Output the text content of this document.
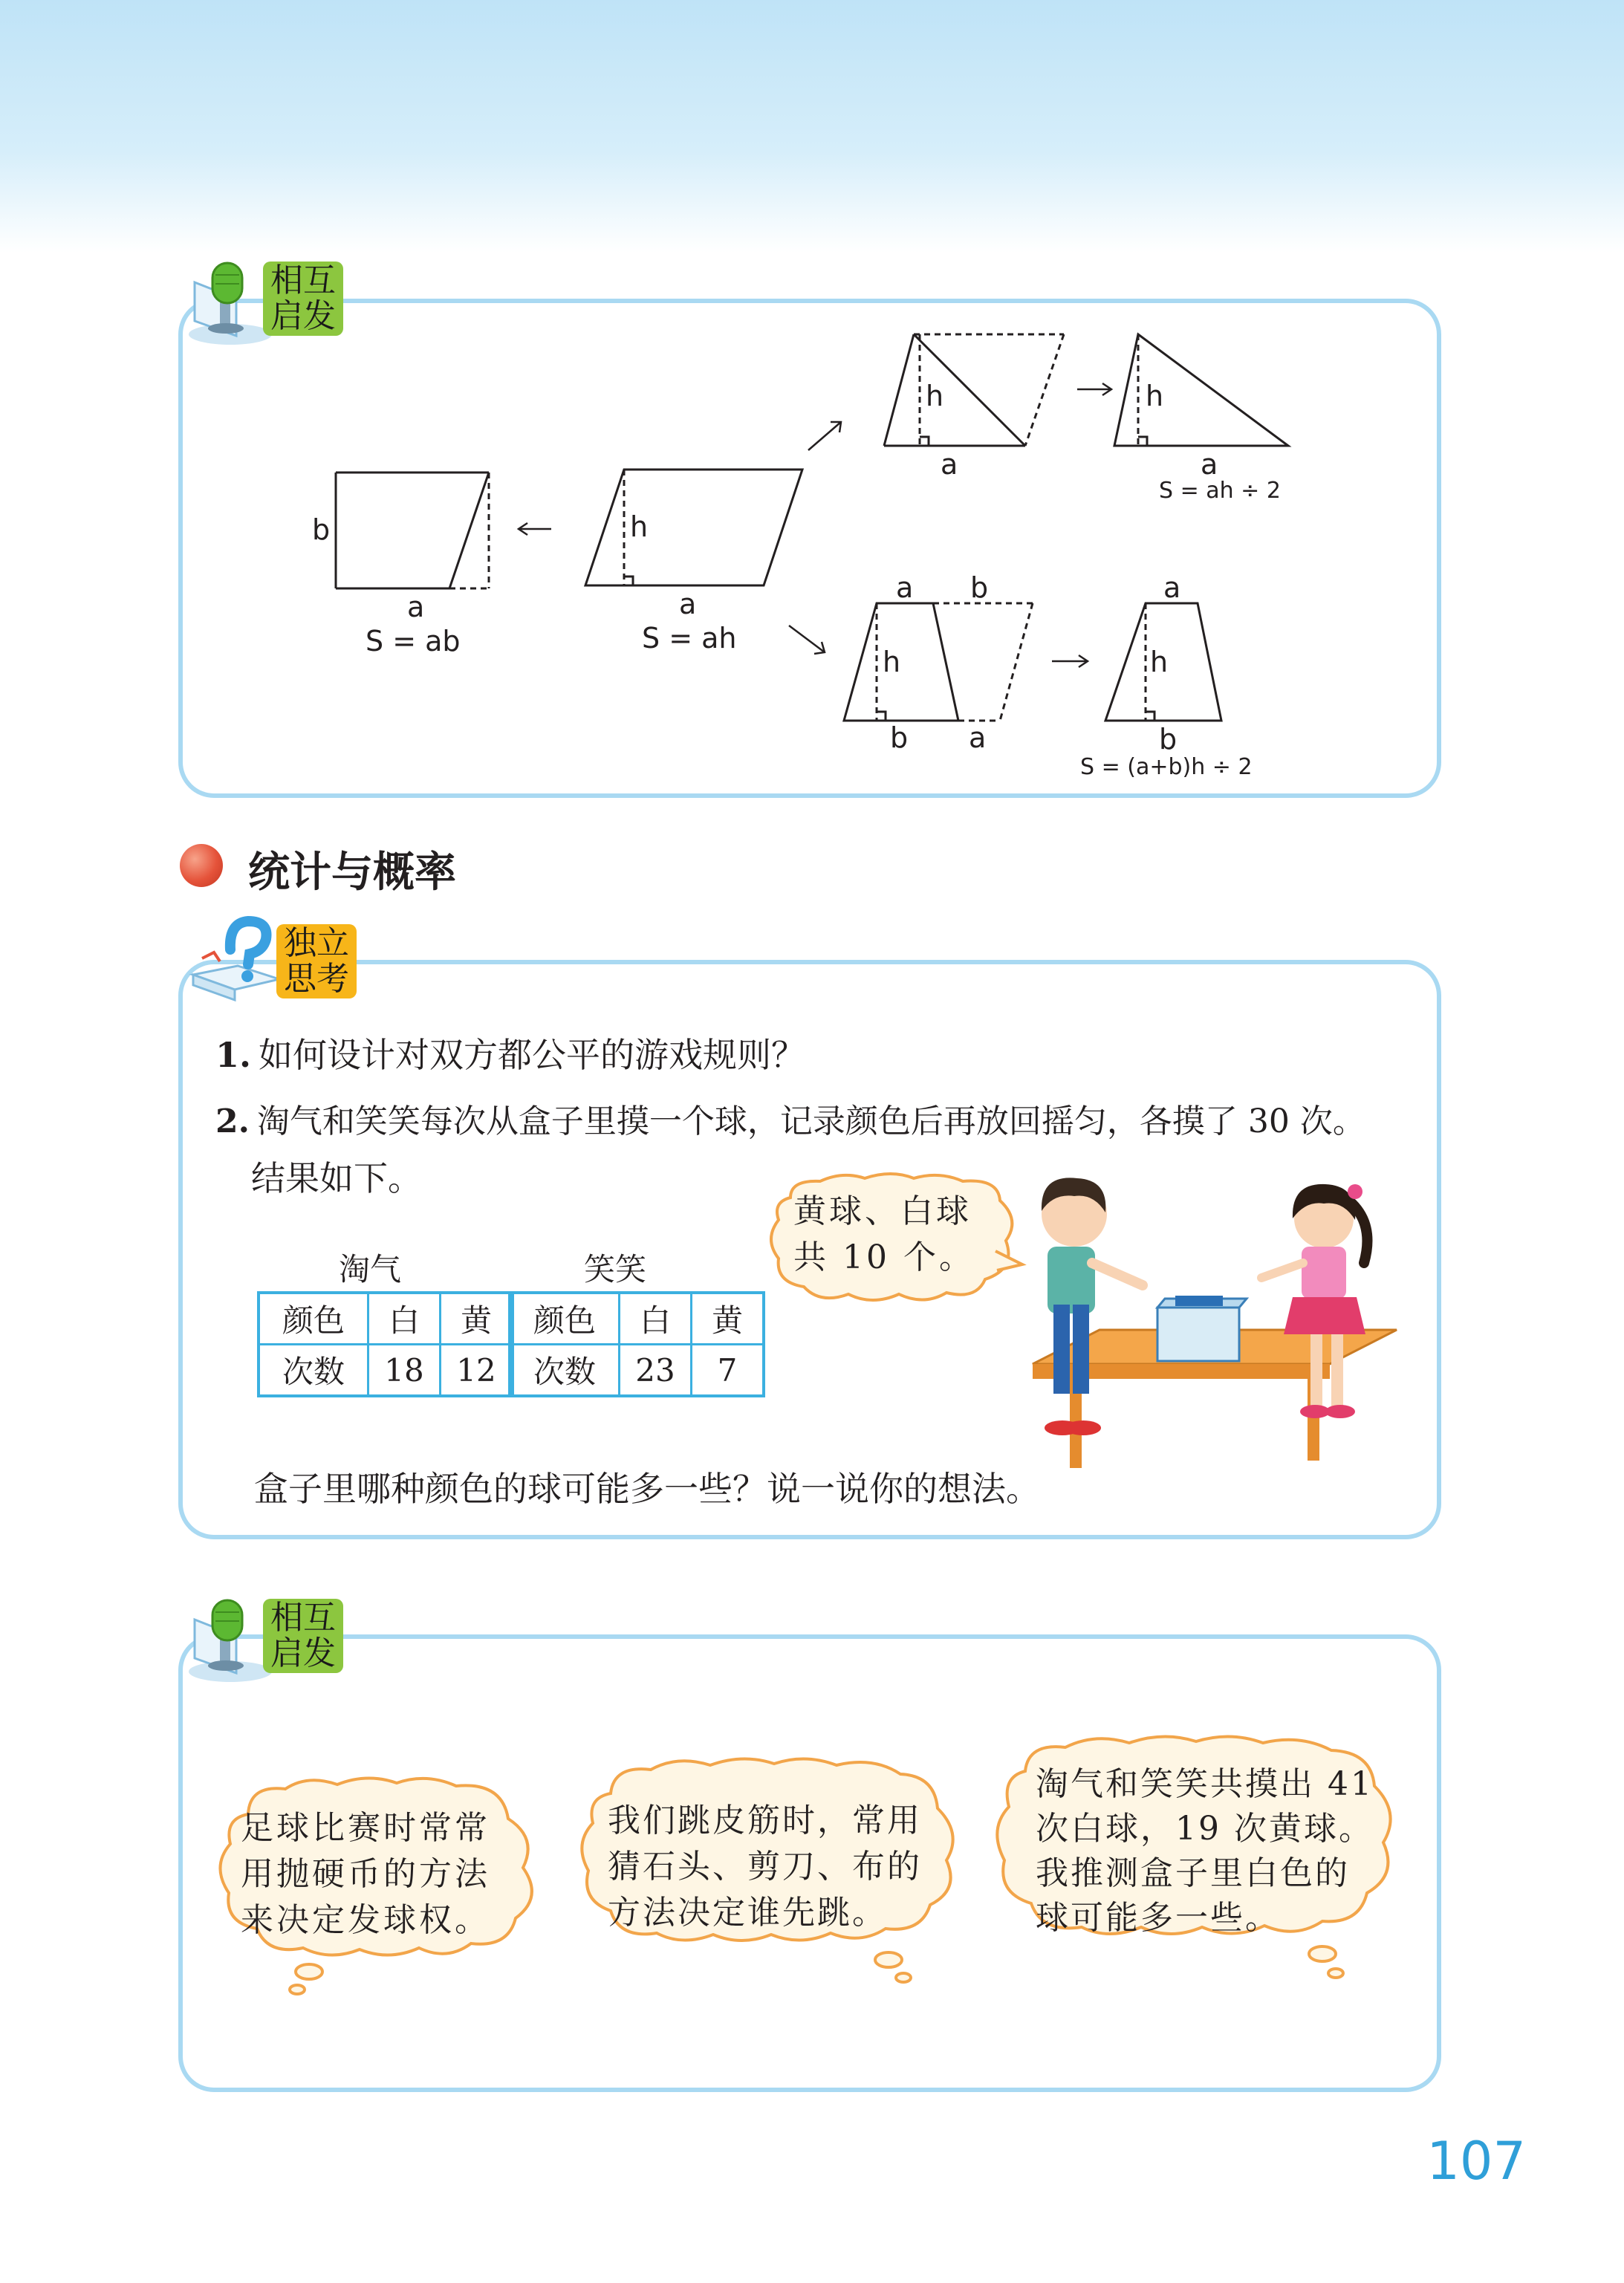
相互
启发
b
a
S = ab
h
a
S = ah
h
a
h
a
a b
h
b a
a
h
b
S = ah ÷ 2
S = (a+b)h ÷ 2
统计与概率
独立
思考
1. 如何设计对双方都公平的游戏规则？
2. 淘气和笑笑每次从盒子里摸一个球，记录颜色后再放回摇匀，各摸了 30 次。
结果如下。
淘气
颜色	白	黄
次数	18	12
笑笑
颜色	白	黄
次数	23	7
黄球、白球
共 10 个。
盒子里哪种颜色的球可能多一些？说一说你的想法。
相互
启发
足球比赛时常常
用抛硬币的方法
来决定发球权。
我们跳皮筋时，常用
猜石头、剪刀、布的
方法决定谁先跳。
淘气和笑笑共摸出 41
次白球，19 次黄球。
我推测盒子里白色的
球可能多一些。
107
